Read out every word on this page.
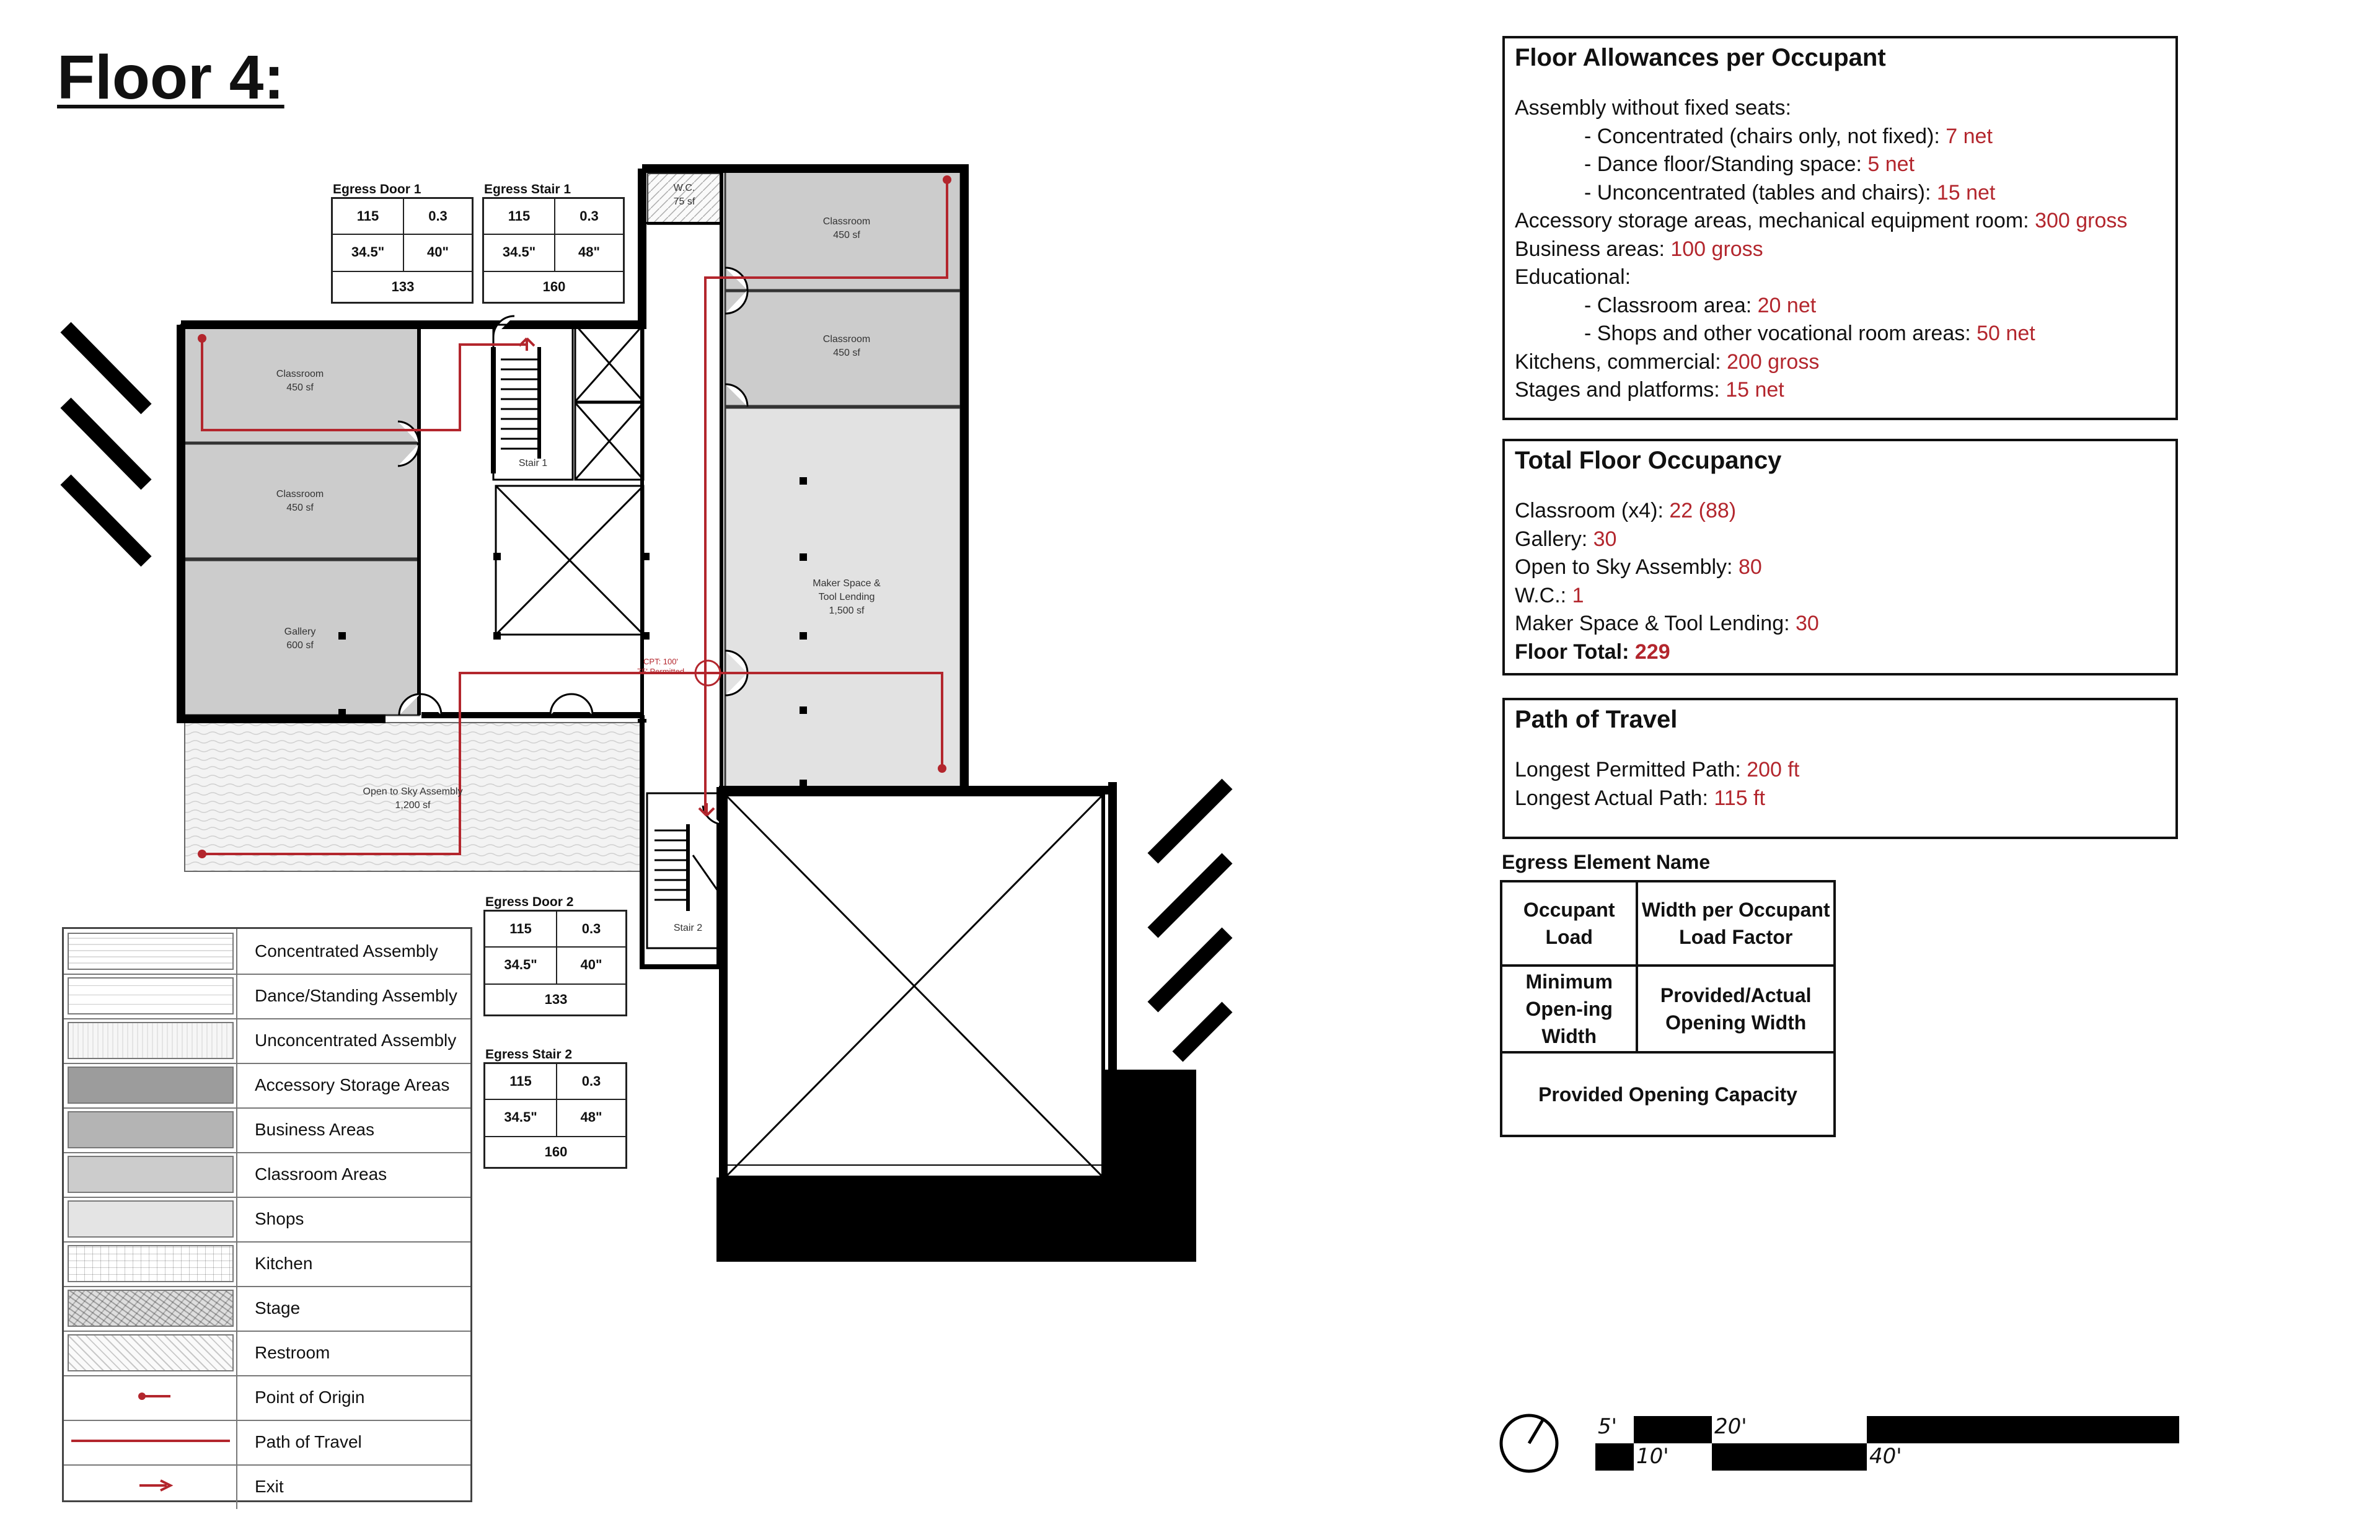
W.C.
75 sf
Classroom
450 sf
Classroom
450 sf
Classroom
450 sf
Classroom
450 sf
Gallery
600 sf
Maker Space &
Tool Lending
1,500 sf
Open to Sky Assembly
1,200 sf
Stair 1
Stair 2
CPT: 100'
75' Permitted
Floor 4:	Floor Allowances per Occupant
Assembly without fixed seats:
- Concentrated (chairs only, not fixed): 7 net
- Dance floor/Standing space: 5 net
- Unconcentrated (tables and chairs): 15 net
Accessory storage areas, mechanical equipment room: 300 gross
Business areas: 100 gross
Educational:
- Classroom area: 20 net
- Shops and other vocational room areas: 50 net
Kitchens, commercial: 200 gross
Stages and platforms: 15 net
Total Floor Occupancy
Classroom (x4): 22 (88)
Gallery: 30
Open to Sky Assembly: 80
W.C.: 1
Maker Space & Tool Lending: 30
Floor Total: 229
Path of Travel
Longest Permitted Path: 200 ft
Longest Actual Path: 115 ft
Egress Element Name
Occupant Load	Width per Occupant Load Factor
Minimum Open-ing Width	Provided/Actual Opening Width
Provided Opening Capacity	
Egress Door 1
115	0.3
34.5"	40"
133
Egress Stair 1
115	0.3
34.5"	48"
160
Egress Door 2
115	0.3
34.5"	40"
133
Egress Stair 2
115	0.3
34.5"	48"
160
Concentrated Assembly
Dance/Standing Assembly
Unconcentrated Assembly
Accessory Storage Areas
Business Areas
Classroom Areas
Shops
Kitchen
Stage
Restroom
Point of Origin
Path of Travel
Exit
5'
10'
20'
40'
